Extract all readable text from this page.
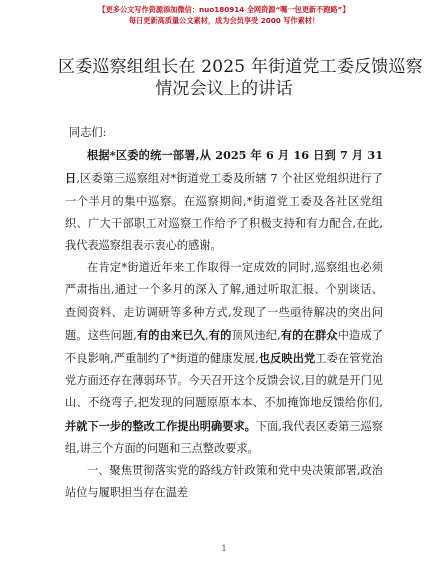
【更多公文写作资源添加微信：nuo180914 全网资源“嘴一包更新不跑路”】
每日更新高质量公文素材，成为会员享受 2000 写作素材！
区委巡察组组长在 2025 年街道党工委反馈巡察
情况会议上的讲话

同志们:

根据*区委的统一部署,从 2025 年 6 月 16 日到 7 月 31 日,区委第三巡察组对*街道党工委及所辖 7 个社区党组织进行了一个半月的集中巡察。在巡察期间,*街道党工委及各社区党组织、广大干部职工对巡察工作给予了积极支持和有力配合,在此,我代表巡察组表示衷心的感谢。

在肯定*街道近年来工作取得一定成效的同时,巡察组也必须严肃指出,通过一个多月的深入了解,通过听取汇报、个别谈话、查阅资料、走访调研等多种方式,发现了一些亟待解决的突出问题。这些问题,有的由来已久,有的顶风违纪,有的在群众中造成了不良影响,严重制约了*街道的健康发展,也反映出党工委在管党治党方面还存在薄弱环节。今天召开这个反馈会议,目的就是开门见山、不绕弯子,把发现的问题原原本本、不加掩饰地反馈给你们,并就下一步的整改工作提出明确要求。下面,我代表区委第三巡察组,讲三个方面的问题和三点整改要求。

一、聚焦贯彻落实党的路线方针政策和党中央决策部署,政治站位与履职担当存在温差

1
